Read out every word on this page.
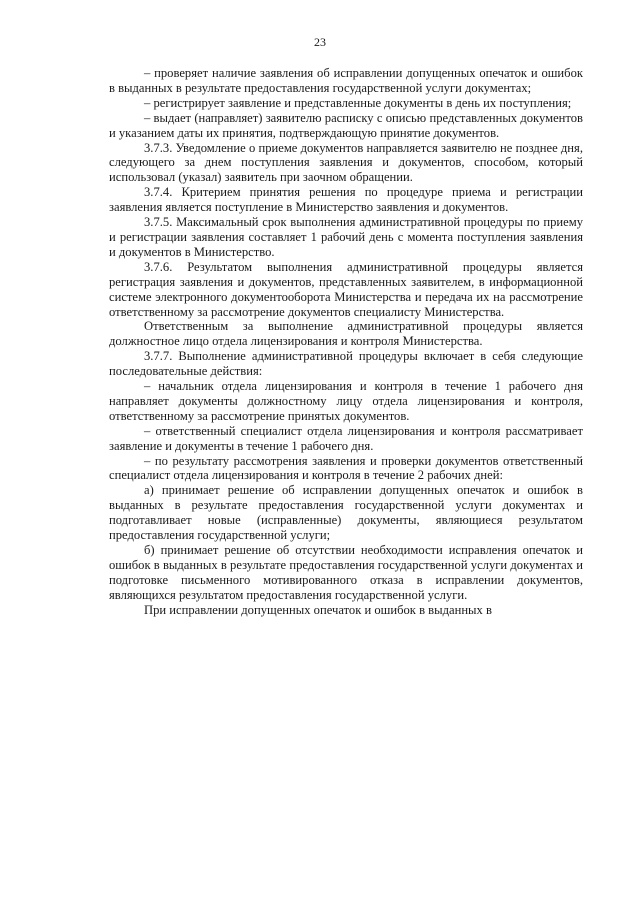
23

– проверяет наличие заявления об исправлении допущенных опечаток и ошибок в выданных в результате предоставления государственной услуги документах;

– регистрирует заявление и представленные документы в день их поступления;

– выдает (направляет) заявителю расписку с описью представленных документов и указанием даты их принятия, подтверждающую принятие документов.

3.7.3. Уведомление о приеме документов направляется заявителю не позднее дня, следующего за днем поступления заявления и документов, способом, который использовал (указал) заявитель при заочном обращении.

3.7.4. Критерием принятия решения по процедуре приема и регистрации заявления является поступление в Министерство заявления и документов.

3.7.5. Максимальный срок выполнения административной процедуры по приему и регистрации заявления составляет 1 рабочий день с момента поступления заявления и документов в Министерство.

3.7.6. Результатом выполнения административной процедуры является регистрация заявления и документов, представленных заявителем, в информационной системе электронного документооборота Министерства и передача их на рассмотрение ответственному за рассмотрение документов специалисту Министерства.

Ответственным за выполнение административной процедуры является должностное лицо отдела лицензирования и контроля Министерства.

3.7.7. Выполнение административной процедуры включает в себя следующие последовательные действия:

– начальник отдела лицензирования и контроля в течение 1 рабочего дня направляет документы должностному лицу отдела лицензирования и контроля, ответственному за рассмотрение принятых документов.

– ответственный специалист отдела лицензирования и контроля рассматривает заявление и документы в течение 1 рабочего дня.

– по результату рассмотрения заявления и проверки документов ответственный специалист отдела лицензирования и контроля в течение 2 рабочих дней:

а) принимает решение об исправлении допущенных опечаток и ошибок в выданных в результате предоставления государственной услуги документах и подготавливает новые (исправленные) документы, являющиеся результатом предоставления государственной услуги;

б) принимает решение об отсутствии необходимости исправления опечаток и ошибок в выданных в результате предоставления государственной услуги документах и подготовке письменного мотивированного отказа в исправлении документов, являющихся результатом предоставления государственной услуги.

При исправлении допущенных опечаток и ошибок в выданных в
